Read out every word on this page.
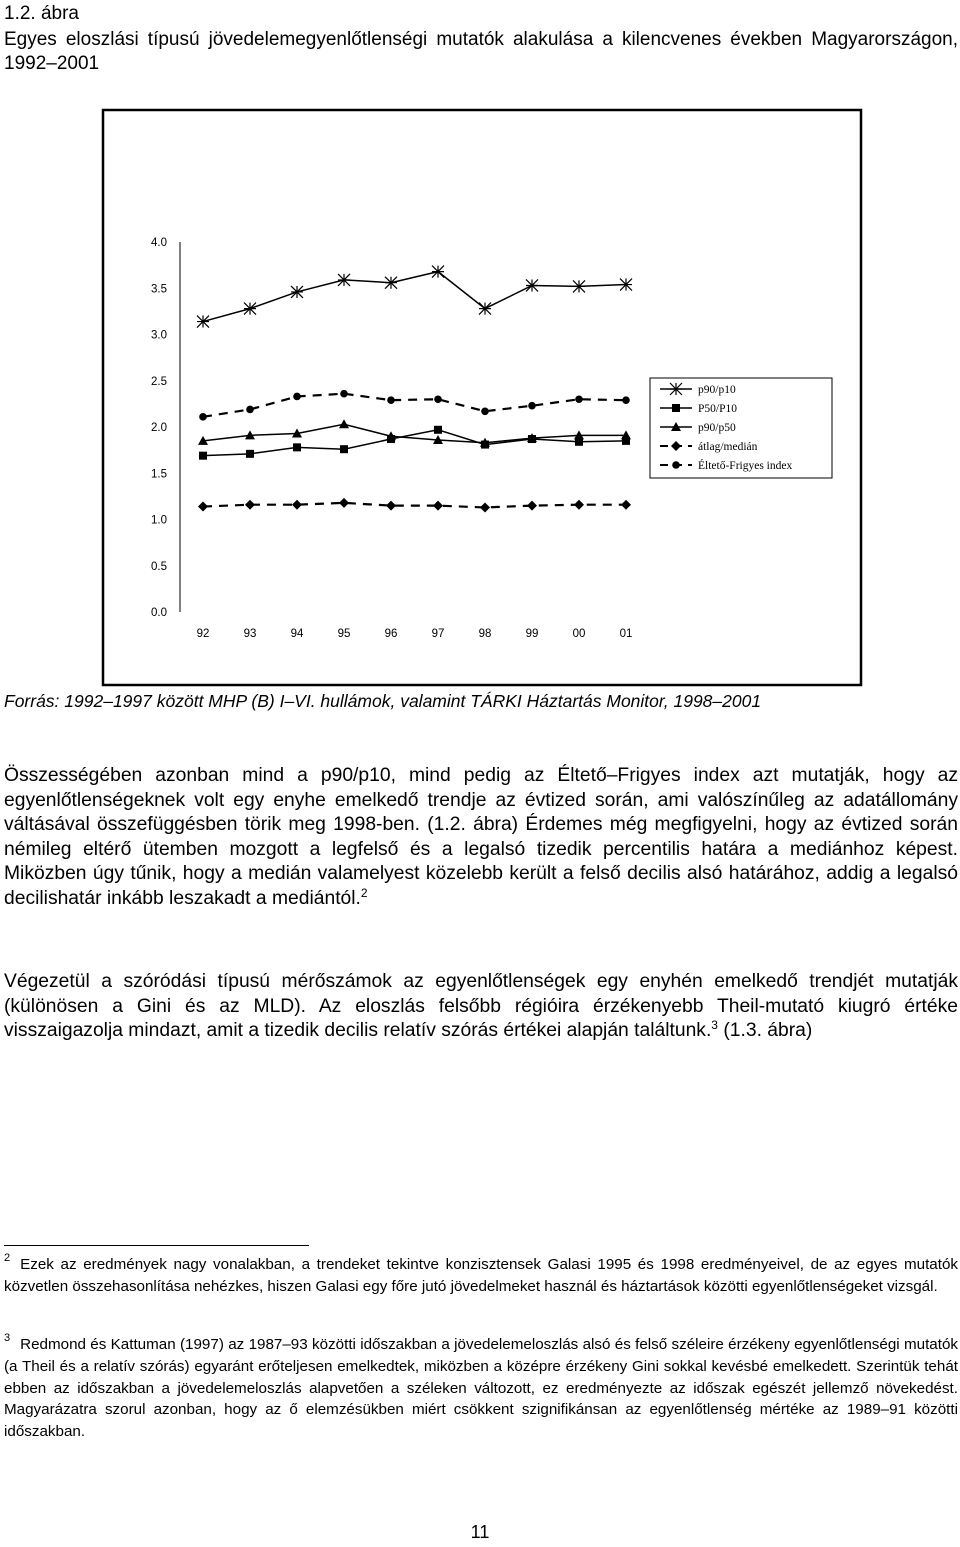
1.2. ábra
Egyes eloszlási típusú jövedelemegyenlőtlenségi mutatók alakulása a kilencvenes években Magyarországon, 1992–2001
0.0
0.5
1.0
1.5
2.0
2.5
3.0
3.5
4.0
92	93	94	95	96	97	98	99	00	01
p90/p10
P50/P10
p90/p50
átlag/medián
Éltető-Frigyes index
Forrás: 1992–1997 között MHP (B) I–VI. hullámok, valamint TÁRKI Háztartás Monitor, 1998–2001

Összességében azonban mind a p90/p10, mind pedig az Éltető–Frigyes index azt mutatják, hogy az egyenlőtlenségeknek volt egy enyhe emelkedő trendje az évtized során, ami valószínűleg az adatállomány váltásával összefüggésben törik meg 1998-ben. (1.2. ábra) Érdemes még megfigyelni, hogy az évtized során némileg eltérő ütemben mozgott a legfelső és a legalsó tizedik percentilis határa a mediánhoz képest. Miközben úgy tűnik, hogy a medián valamelyest közelebb került a felső decilis alsó határához, addig a legalsó decilishatár inkább leszakadt a mediántól.$^2$

Végezetül a szóródási típusú mérőszámok az egyenlőtlenségek egy enyhén emelkedő trendjét mutatják (különösen a Gini és az MLD). Az eloszlás felsőbb régióira érzékenyebb Theil-mutató kiugró értéke visszaigazolja mindazt, amit a tizedik decilis relatív szórás értékei alapján találtunk.$^3$ (1.3. ábra)

$^2$ Ezek az eredmények nagy vonalakban, a trendeket tekintve konzisztensek Galasi 1995 és 1998 eredményeivel, de az egyes mutatók közvetlen összehasonlítása nehézkes, hiszen Galasi egy főre jutó jövedelmeket használ és háztartások közötti egyenlőtlenségeket vizsgál.

$^3$ Redmond és Kattuman (1997) az 1987–93 közötti időszakban a jövedelemeloszlás alsó és felső széleire érzékeny egyenlőtlenségi mutatók (a Theil és a relatív szórás) egyaránt erőteljesen emelkedtek, miközben a középre érzékeny Gini sokkal kevésbé emelkedett. Szerintük tehát ebben az időszakban a jövedelemeloszlás alapvetően a széleken változott, ez eredményezte az időszak egészét jellemző növekedést. Magyarázatra szorul azonban, hogy az ő elemzésükben miért csökkent szignifikánsan az egyenlőtlenség mértéke az 1989–91 közötti időszakban.

11
